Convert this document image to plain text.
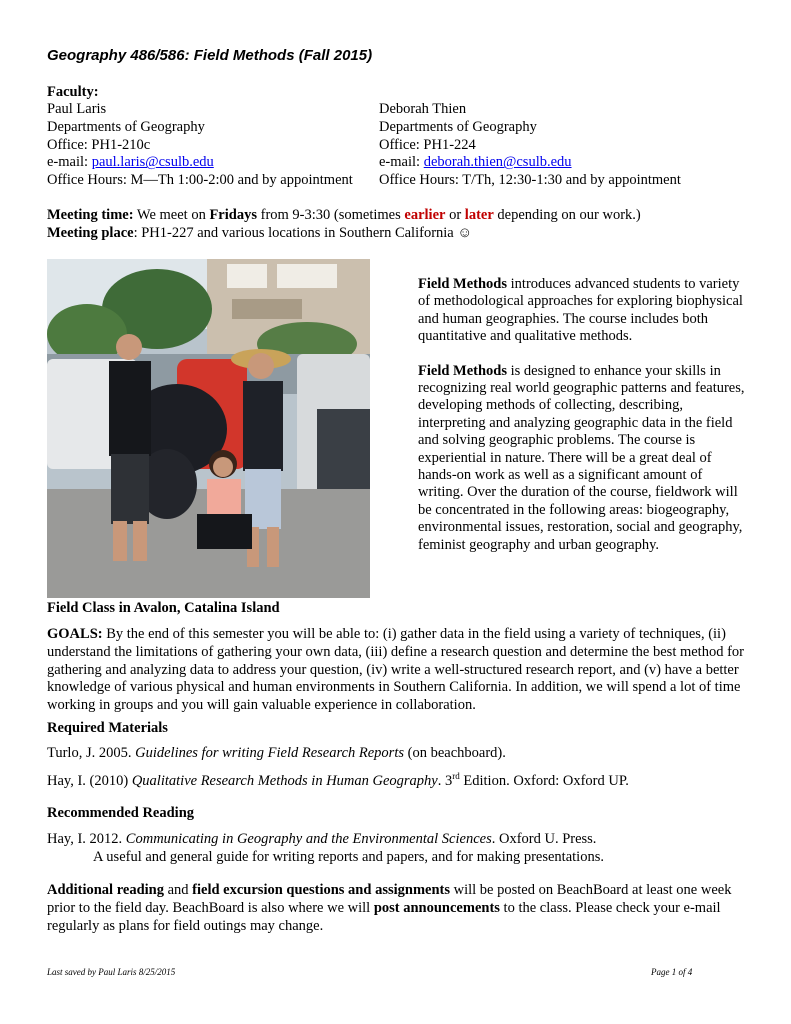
Geography 486/586: Field Methods (Fall 2015)
Faculty:
Paul Laris
Departments of Geography
Office: PH1-210c
e-mail: paul.laris@csulb.edu
Office Hours: M—Th 1:00-2:00 and by appointment
Deborah Thien
Departments of Geography
Office: PH1-224
e-mail: deborah.thien@csulb.edu
Office Hours: T/Th, 12:30-1:30 and by appointment
Meeting time: We meet on Fridays from 9-3:30 (sometimes earlier or later depending on our work.)
Meeting place: PH1-227 and various locations in Southern California ☺
Field Class in Avalon, Catalina Island

Field Methods introduces advanced students to variety of methodological approaches for exploring biophysical and human geographies. The course includes both quantitative and qualitative methods.

Field Methods is designed to enhance your skills in recognizing real world geographic patterns and features, developing methods of collecting, describing, interpreting and analyzing geographic data in the field and solving geographic problems. The course is experiential in nature. There will be a great deal of hands-on work as well as a significant amount of writing. Over the duration of the course, fieldwork will be concentrated in the following areas: biogeography, environmental issues, restoration, social and geography, feminist geography and urban geography.

GOALS: By the end of this semester you will be able to: (i) gather data in the field using a variety of techniques, (ii) understand the limitations of gathering your own data, (iii) define a research question and determine the best method for gathering and analyzing data to address your question, (iv) write a well-structured research report, and (v) have a better knowledge of various physical and human environments in Southern California. In addition, we will spend a lot of time working in groups and you will gain valuable experience in collaboration.
Required Materials
Turlo, J. 2005. Guidelines for writing Field Research Reports (on beachboard).
Hay, I. (2010) Qualitative Research Methods in Human Geography. 3rd Edition. Oxford: Oxford UP.
Recommended Reading
Hay, I. 2012. Communicating in Geography and the Environmental Sciences. Oxford U. Press.
A useful and general guide for writing reports and papers, and for making presentations.
Additional reading and field excursion questions and assignments will be posted on BeachBoard at least one week prior to the field day. BeachBoard is also where we will post announcements to the class. Please check your e-mail regularly as plans for field outings may change.
Last saved by Paul Laris 8/25/2015	Page 1 of 4
